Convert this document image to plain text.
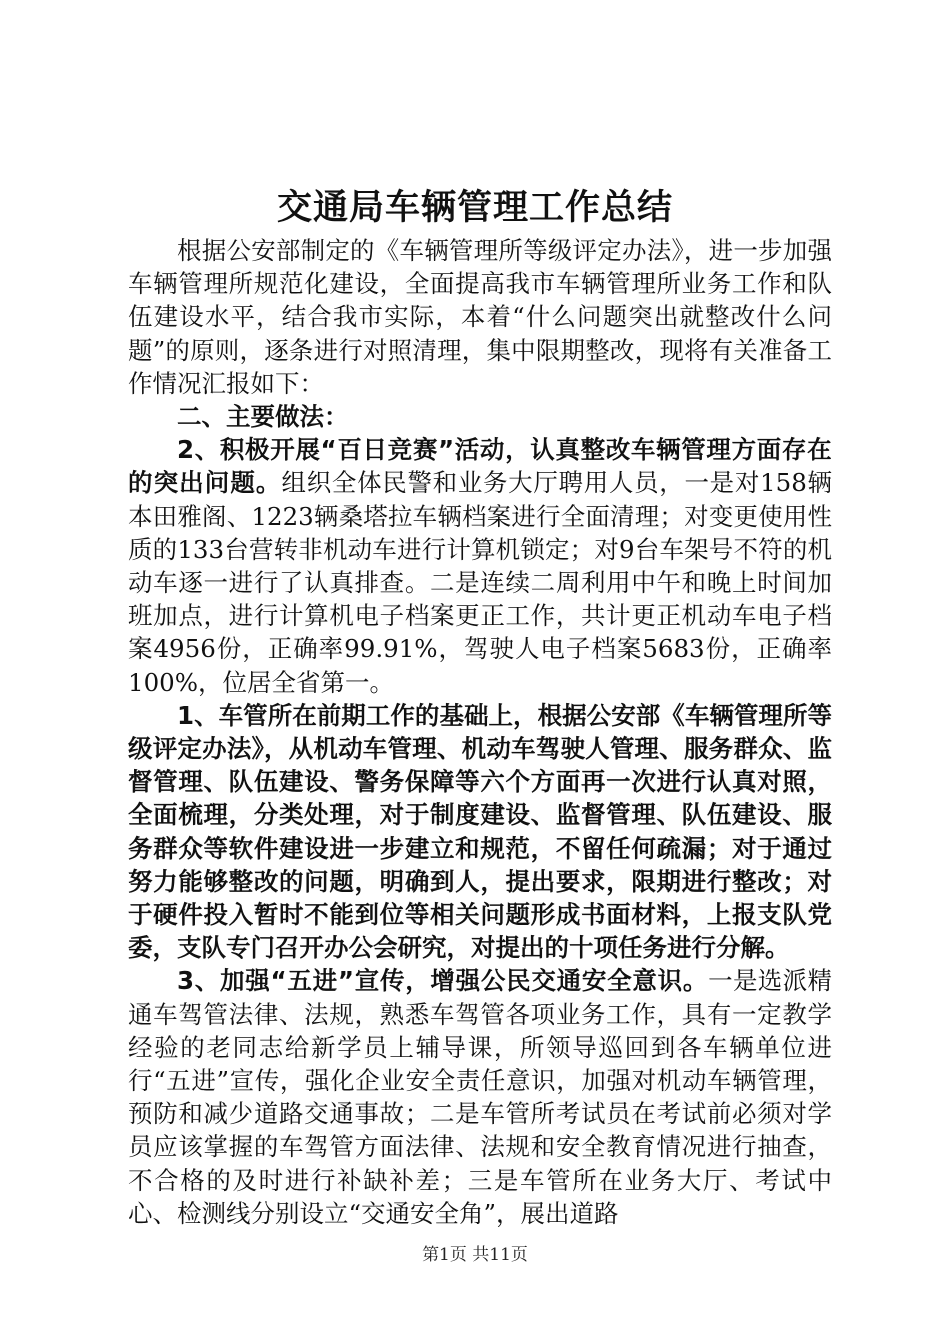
交通局车辆管理工作总结

根据公安部制定的《车辆管理所等级评定办法》，进一步加强车辆管理所规范化建设，全面提高我市车辆管理所业务工作和队伍建设水平，结合我市实际，本着“什么问题突出就整改什么问题”的原则，逐条进行对照清理，集中限期整改，现将有关准备工作情况汇报如下：

二、主要做法：

2、积极开展“百日竞赛”活动，认真整改车辆管理方面存在的突出问题。组织全体民警和业务大厅聘用人员，一是对158辆本田雅阁、1223辆桑塔拉车辆档案进行全面清理；对变更使用性质的133台营转非机动车进行计算机锁定；对9台车架号不符的机动车逐一进行了认真排查。二是连续二周利用中午和晚上时间加班加点，进行计算机电子档案更正工作，共计更正机动车电子档案4956份，正确率99.91%，驾驶人电子档案5683份，正确率100%，位居全省第一。

1、车管所在前期工作的基础上，根据公安部《车辆管理所等级评定办法》，从机动车管理、机动车驾驶人管理、服务群众、监督管理、队伍建设、警务保障等六个方面再一次进行认真对照，全面梳理，分类处理，对于制度建设、监督管理、队伍建设、服务群众等软件建设进一步建立和规范，不留任何疏漏；对于通过努力能够整改的问题，明确到人，提出要求，限期进行整改；对于硬件投入暂时不能到位等相关问题形成书面材料，上报支队党委，支队专门召开办公会研究，对提出的十项任务进行分解。

3、加强“五进”宣传，增强公民交通安全意识。一是选派精通车驾管法律、法规，熟悉车驾管各项业务工作，具有一定教学经验的老同志给新学员上辅导课，所领导巡回到各车辆单位进行“五进”宣传，强化企业安全责任意识，加强对机动车辆管理，预防和减少道路交通事故；二是车管所考试员在考试前必须对学员应该掌握的车驾管方面法律、法规和安全教育情况进行抽查，不合格的及时进行补缺补差；三是车管所在业务大厅、考试中心、检测线分别设立“交通安全角”，展出道路

第1页 共11页
